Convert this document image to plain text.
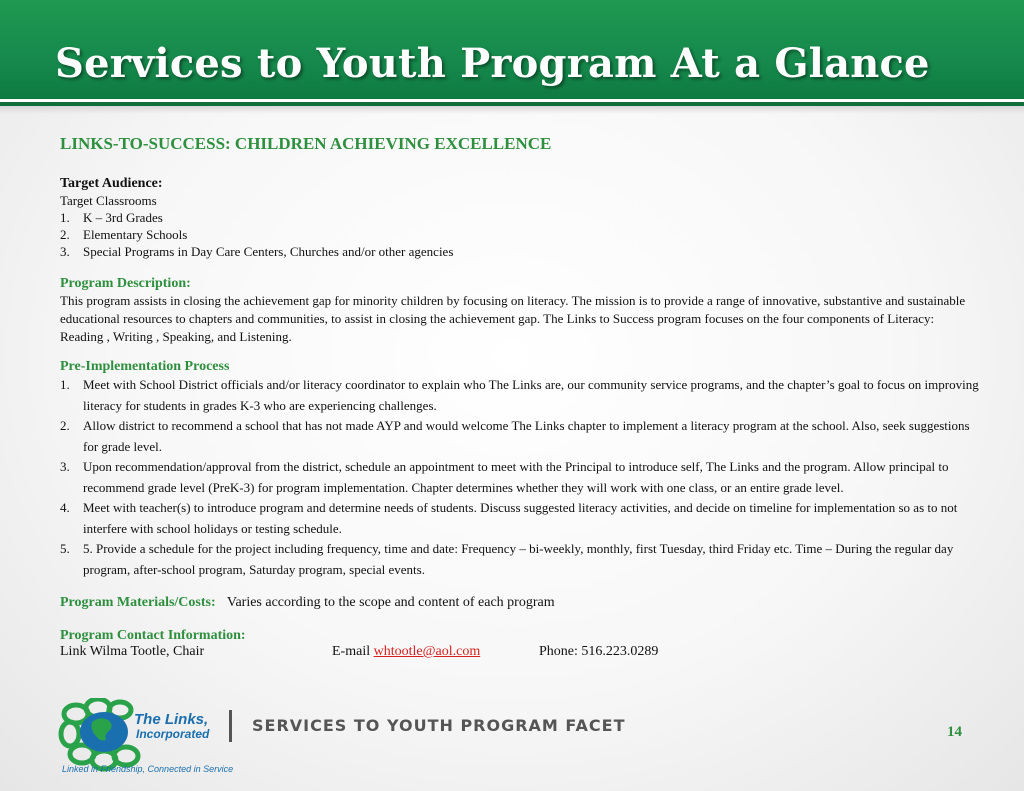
Services to Youth Program At a Glance

LINKS-TO-SUCCESS: CHILDREN ACHIEVING EXCELLENCE

Target Audience:

Target Classrooms

1. K – 3rd Grades
2. Elementary Schools
3. Special Programs in Day Care Centers, Churches and/or other agencies

Program Description:

This program assists in closing the achievement gap for minority children by focusing on literacy. The mission is to provide a range of innovative, substantive and sustainable educational resources to chapters and communities, to assist in closing the achievement gap. The Links to Success program focuses on the four components of Literacy: Reading , Writing , Speaking, and Listening.

Pre-Implementation Process

1. Meet with School District officials and/or literacy coordinator to explain who The Links are, our community service programs, and the chapter’s goal to focus on improving literacy for students in grades K-3 who are experiencing challenges.
2. Allow district to recommend a school that has not made AYP and would welcome The Links chapter to implement a literacy program at the school. Also, seek suggestions for grade level.
3. Upon recommendation/approval from the district, schedule an appointment to meet with the Principal to introduce self, The Links and the program. Allow principal to recommend grade level (PreK-3) for program implementation. Chapter determines whether they will work with one class, or an entire grade level.
4. Meet with teacher(s) to introduce program and determine needs of students. Discuss suggested literacy activities, and decide on timeline for implementation so as to not interfere with school holidays or testing schedule.
5. 5. Provide a schedule for the project including frequency, time and date: Frequency – bi-weekly, monthly, first Tuesday, third Friday etc. Time – During the regular day program, after-school program, Saturday program, special events.

Program Materials/Costs: Varies according to the scope and content of each program

Program Contact Information:

Link Wilma Tootle, Chair	E-mail whtootle@aol.com	Phone: 516.223.0289
The Links,
Incorporated
Linked in Friendship, Connected in Service
SERVICES TO YOUTH PROGRAM FACET	14
